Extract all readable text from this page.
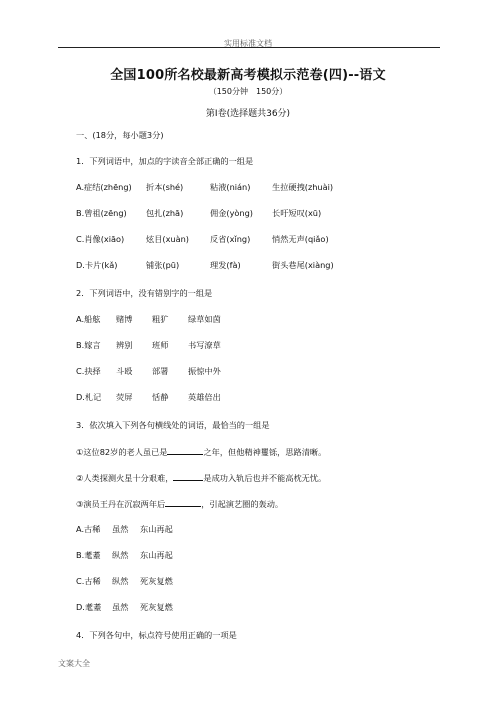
实用标准文档
全国100所名校最新高考模拟示范卷(四)--语文
（150分钟　150分）
第Ⅰ卷(选择题共36分)
一、(18分，每小题3分)
1．下列词语中，加点的字读音全部正确的一组是
A.症结(zhēng) 折本(shé)	粘液(nián)	生拉硬拽(zhuài)
B.曾祖(zēng) 包扎(zhā)	佣金(yòng) 长吁短叹(xū)
C.肖像(xiāo)	炫目(xuàn)	反省(xǐng)	悄然无声(qiǎo)
D.卡片(kǎ)	铺张(pū)	理发(fà)	街头巷尾(xiàng)
2．下列词语中，没有错别字的一组是
A.船舷 赌博 粗犷 绿草如茵
B.嫁言 辨别 班师 书写潦草
C.抉择 斗殴 部署 振惊中外
D.札记 荧屏 恬静 英雄倍出
3．依次填入下列各句横线处的词语，最恰当的一组是
①这位82岁的老人虽已是	之年，但他精神矍铄，思路清晰。
②人类探测火星十分艰难，	是成功入轨后也并不能高枕无忧。
③演员王丹在沉寂两年后	，引起演艺圈的轰动。
A.古稀 虽然 东山再起
B.耄耋 纵然 东山再起
C.古稀 纵然 死灰复燃
D.耄耋 虽然 死灰复燃
4．下列各句中，标点符号使用正确的一项是
文案大全
